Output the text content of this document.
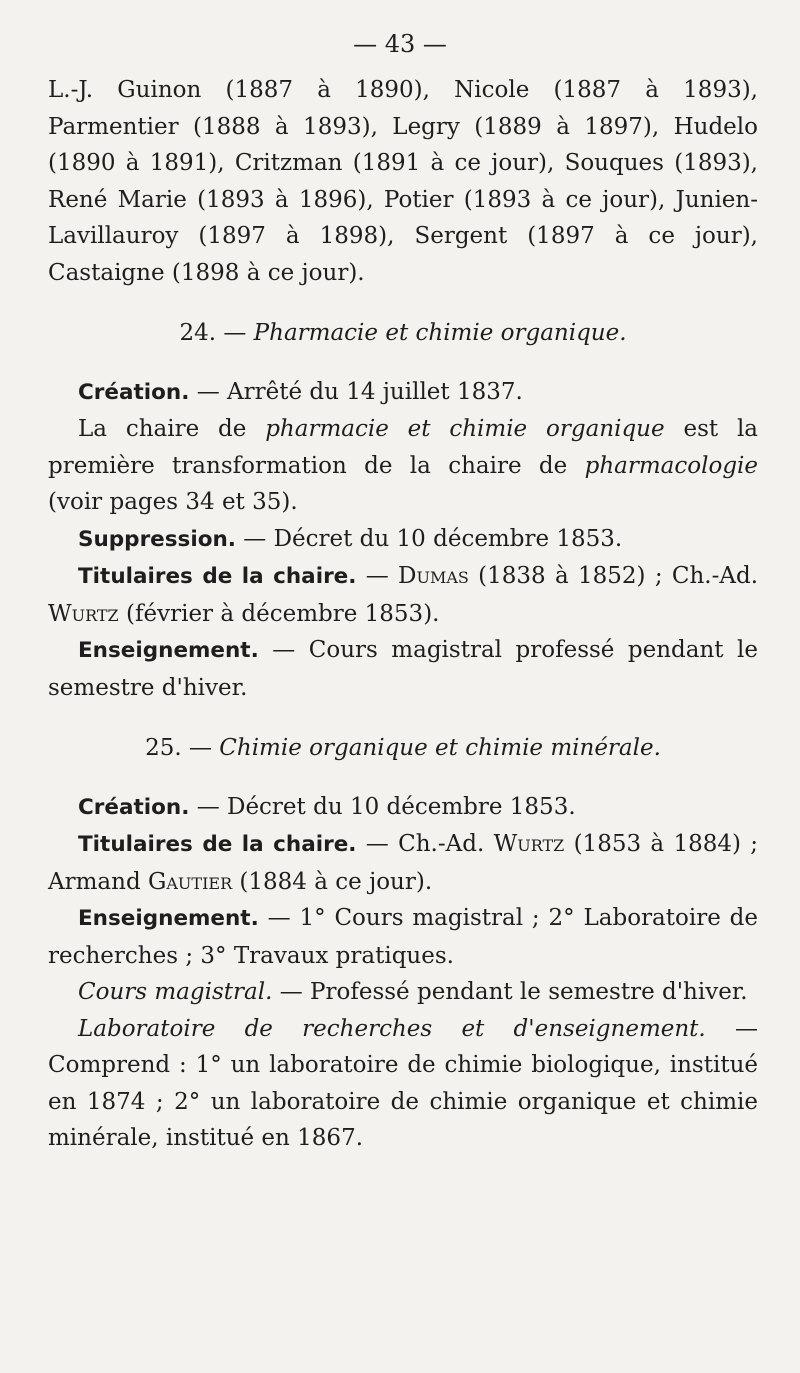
— 43 —

L.-J. Guinon (1887 à 1890), Nicole (1887 à 1893), Parmentier (1888 à 1893), Legry (1889 à 1897), Hudelo (1890 à 1891), Critzman (1891 à ce jour), Souques (1893), René Marie (1893 à 1896), Potier (1893 à ce jour), Junien-Lavillauroy (1897 à 1898), Sergent (1897 à ce jour), Castaigne (1898 à ce jour).

24. — Pharmacie et chimie organique.

Création. — Arrêté du 14 juillet 1837.

La chaire de pharmacie et chimie organique est la première transformation de la chaire de pharmacologie (voir pages 34 et 35).

Suppression. — Décret du 10 décembre 1853.

Titulaires de la chaire. — Dumas (1838 à 1852) ; Ch.-Ad. Wurtz (février à décembre 1853).

Enseignement. — Cours magistral professé pendant le semestre d'hiver.

25. — Chimie organique et chimie minérale.

Création. — Décret du 10 décembre 1853.

Titulaires de la chaire. — Ch.-Ad. Wurtz (1853 à 1884) ; Armand Gautier (1884 à ce jour).

Enseignement. — 1° Cours magistral ; 2° Laboratoire de recherches ; 3° Travaux pratiques.

Cours magistral. — Professé pendant le semestre d'hiver.

Laboratoire de recherches et d'enseignement. — Comprend : 1° un laboratoire de chimie biologique, institué en 1874 ; 2° un laboratoire de chimie organique et chimie minérale, institué en 1867.
